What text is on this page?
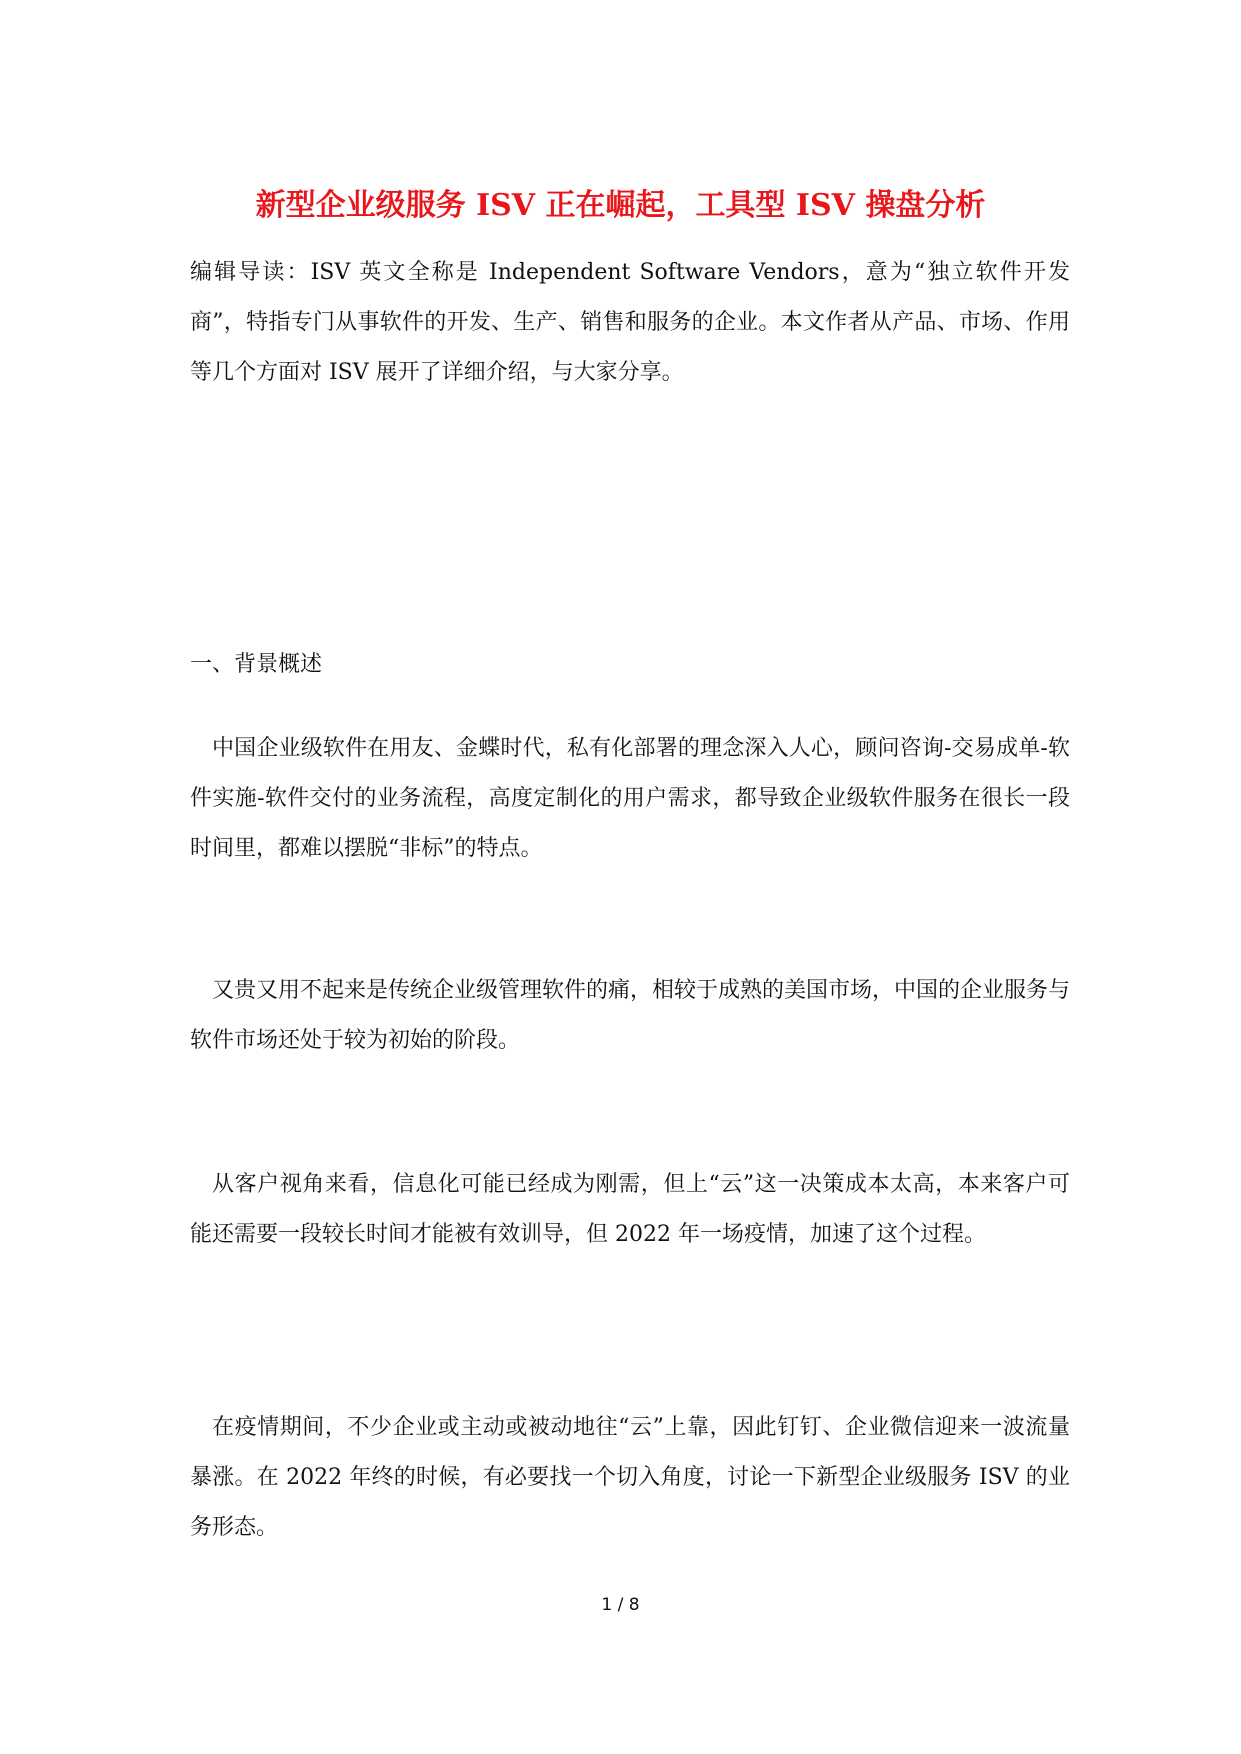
新型企业级服务 ISV 正在崛起，工具型 ISV 操盘分析

编辑导读：ISV 英文全称是 Independent Software Vendors，意为“独立软件开发商”，特指专门从事软件的开发、生产、销售和服务的企业。本文作者从产品、市场、作用等几个方面对 ISV 展开了详细介绍，与大家分享。

一、背景概述

中国企业级软件在用友、金蝶时代，私有化部署的理念深入人心，顾问咨询-交易成单-软件实施-软件交付的业务流程，高度定制化的用户需求，都导致企业级软件服务在很长一段时间里，都难以摆脱“非标”的特点。

又贵又用不起来是传统企业级管理软件的痛，相较于成熟的美国市场，中国的企业服务与软件市场还处于较为初始的阶段。

从客户视角来看，信息化可能已经成为刚需，但上“云”这一决策成本太高，本来客户可能还需要一段较长时间才能被有效训导，但 2022 年一场疫情，加速了这个过程。

在疫情期间，不少企业或主动或被动地往“云”上靠，因此钉钉、企业微信迎来一波流量暴涨。在 2022 年终的时候，有必要找一个切入角度，讨论一下新型企业级服务 ISV 的业务形态。

1 / 8
